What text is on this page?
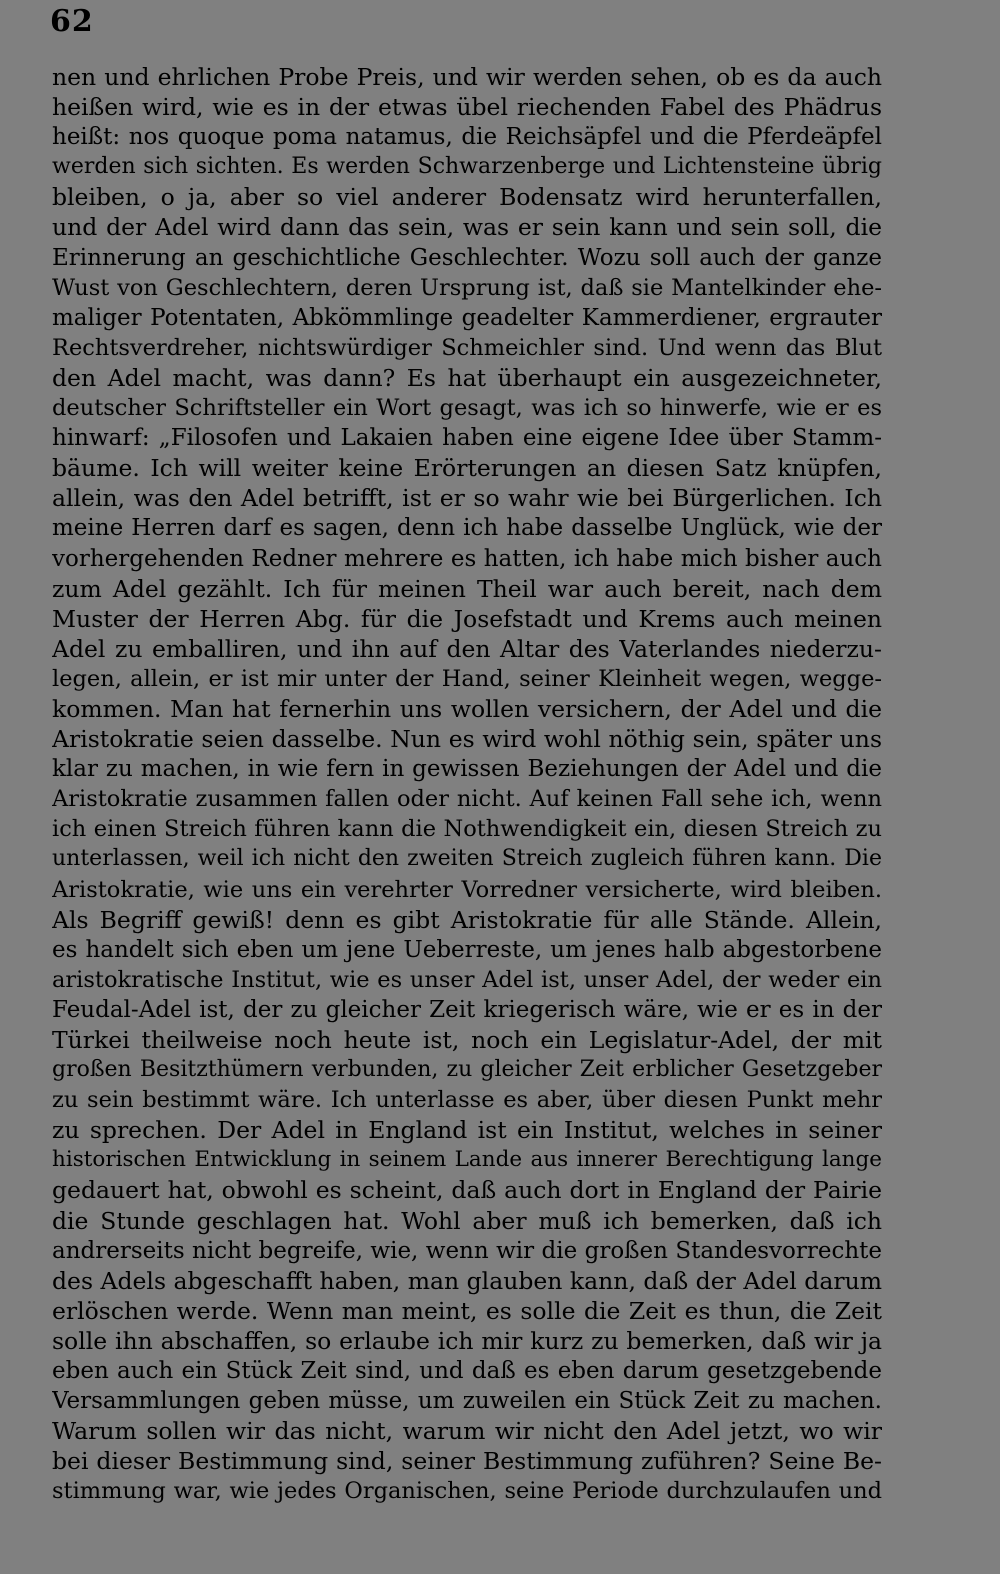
62
nen und ehrlichen Probe Preis, und wir werden sehen, ob es da auch
heißen wird, wie es in der etwas übel riechenden Fabel des Phädrus
heißt: nos quoque poma natamus, die Reichsäpfel und die Pferdeäpfel
werden sich sichten. Es werden Schwarzenberge und Lichtensteine übrig
bleiben, o ja, aber so viel anderer Bodensatz wird herunterfallen,
und der Adel wird dann das sein, was er sein kann und sein soll, die
Erinnerung an geschichtliche Geschlechter. Wozu soll auch der ganze
Wust von Geschlechtern, deren Ursprung ist, daß sie Mantelkinder ehe-
maliger Potentaten, Abkömmlinge geadelter Kammerdiener, ergrauter
Rechtsverdreher, nichtswürdiger Schmeichler sind. Und wenn das Blut
den Adel macht, was dann? Es hat überhaupt ein ausgezeichneter,
deutscher Schriftsteller ein Wort gesagt, was ich so hinwerfe, wie er es
hinwarf: „Filosofen und Lakaien haben eine eigene Idee über Stamm-
bäume. Ich will weiter keine Erörterungen an diesen Satz knüpfen,
allein, was den Adel betrifft, ist er so wahr wie bei Bürgerlichen. Ich
meine Herren darf es sagen, denn ich habe dasselbe Unglück, wie der
vorhergehenden Redner mehrere es hatten, ich habe mich bisher auch
zum Adel gezählt. Ich für meinen Theil war auch bereit, nach dem
Muster der Herren Abg. für die Josefstadt und Krems auch meinen
Adel zu emballiren, und ihn auf den Altar des Vaterlandes niederzu-
legen, allein, er ist mir unter der Hand, seiner Kleinheit wegen, wegge-
kommen. Man hat fernerhin uns wollen versichern, der Adel und die
Aristokratie seien dasselbe. Nun es wird wohl nöthig sein, später uns
klar zu machen, in wie fern in gewissen Beziehungen der Adel und die
Aristokratie zusammen fallen oder nicht. Auf keinen Fall sehe ich, wenn
ich einen Streich führen kann die Nothwendigkeit ein, diesen Streich zu
unterlassen, weil ich nicht den zweiten Streich zugleich führen kann. Die
Aristokratie, wie uns ein verehrter Vorredner versicherte, wird bleiben.
Als Begriff gewiß! denn es gibt Aristokratie für alle Stände. Allein,
es handelt sich eben um jene Ueberreste, um jenes halb abgestorbene
aristokratische Institut, wie es unser Adel ist, unser Adel, der weder ein
Feudal-Adel ist, der zu gleicher Zeit kriegerisch wäre, wie er es in der
Türkei theilweise noch heute ist, noch ein Legislatur-Adel, der mit
großen Besitzthümern verbunden, zu gleicher Zeit erblicher Gesetzgeber
zu sein bestimmt wäre. Ich unterlasse es aber, über diesen Punkt mehr
zu sprechen. Der Adel in England ist ein Institut, welches in seiner
historischen Entwicklung in seinem Lande aus innerer Berechtigung lange
gedauert hat, obwohl es scheint, daß auch dort in England der Pairie
die Stunde geschlagen hat. Wohl aber muß ich bemerken, daß ich
andrerseits nicht begreife, wie, wenn wir die großen Standesvorrechte
des Adels abgeschafft haben, man glauben kann, daß der Adel darum
erlöschen werde. Wenn man meint, es solle die Zeit es thun, die Zeit
solle ihn abschaffen, so erlaube ich mir kurz zu bemerken, daß wir ja
eben auch ein Stück Zeit sind, und daß es eben darum gesetzgebende
Versammlungen geben müsse, um zuweilen ein Stück Zeit zu machen.
Warum sollen wir das nicht, warum wir nicht den Adel jetzt, wo wir
bei dieser Bestimmung sind, seiner Bestimmung zuführen? Seine Be-
stimmung war, wie jedes Organischen, seine Periode durchzulaufen und
